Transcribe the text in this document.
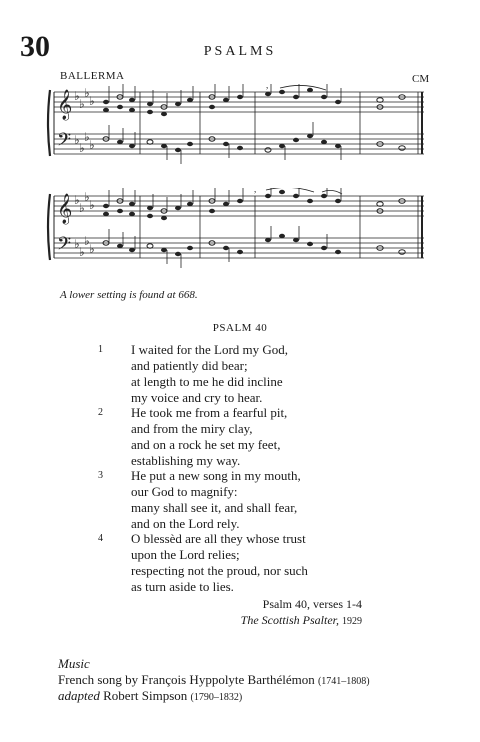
30	PSALMS
BALLERMA	CM
𝄞
𝄢
♭
♭
♭
♭
♭
♭
♭
♭
,
𝄞
𝄢
♭
♭
♭
♭
♭
♭
♭
♭
,
A lower setting is found at 668.
PSALM 40
1 I waited for the Lord my God,
and patiently did bear;
at length to me he did incline
my voice and cry to hear.
2 He took me from a fearful pit,
and from the miry clay,
and on a rock he set my feet,
establishing my way.
3 He put a new song in my mouth,
our God to magnify:
many shall see it, and shall fear,
and on the Lord rely.
4 O blessèd are all they whose trust
upon the Lord relies;
respecting not the proud, nor such
as turn aside to lies.
Psalm 40, verses 1-4
The Scottish Psalter, 1929
Music
French song by François Hyppolyte Barthélémon (1741–1808)
adapted Robert Simpson (1790–1832)
